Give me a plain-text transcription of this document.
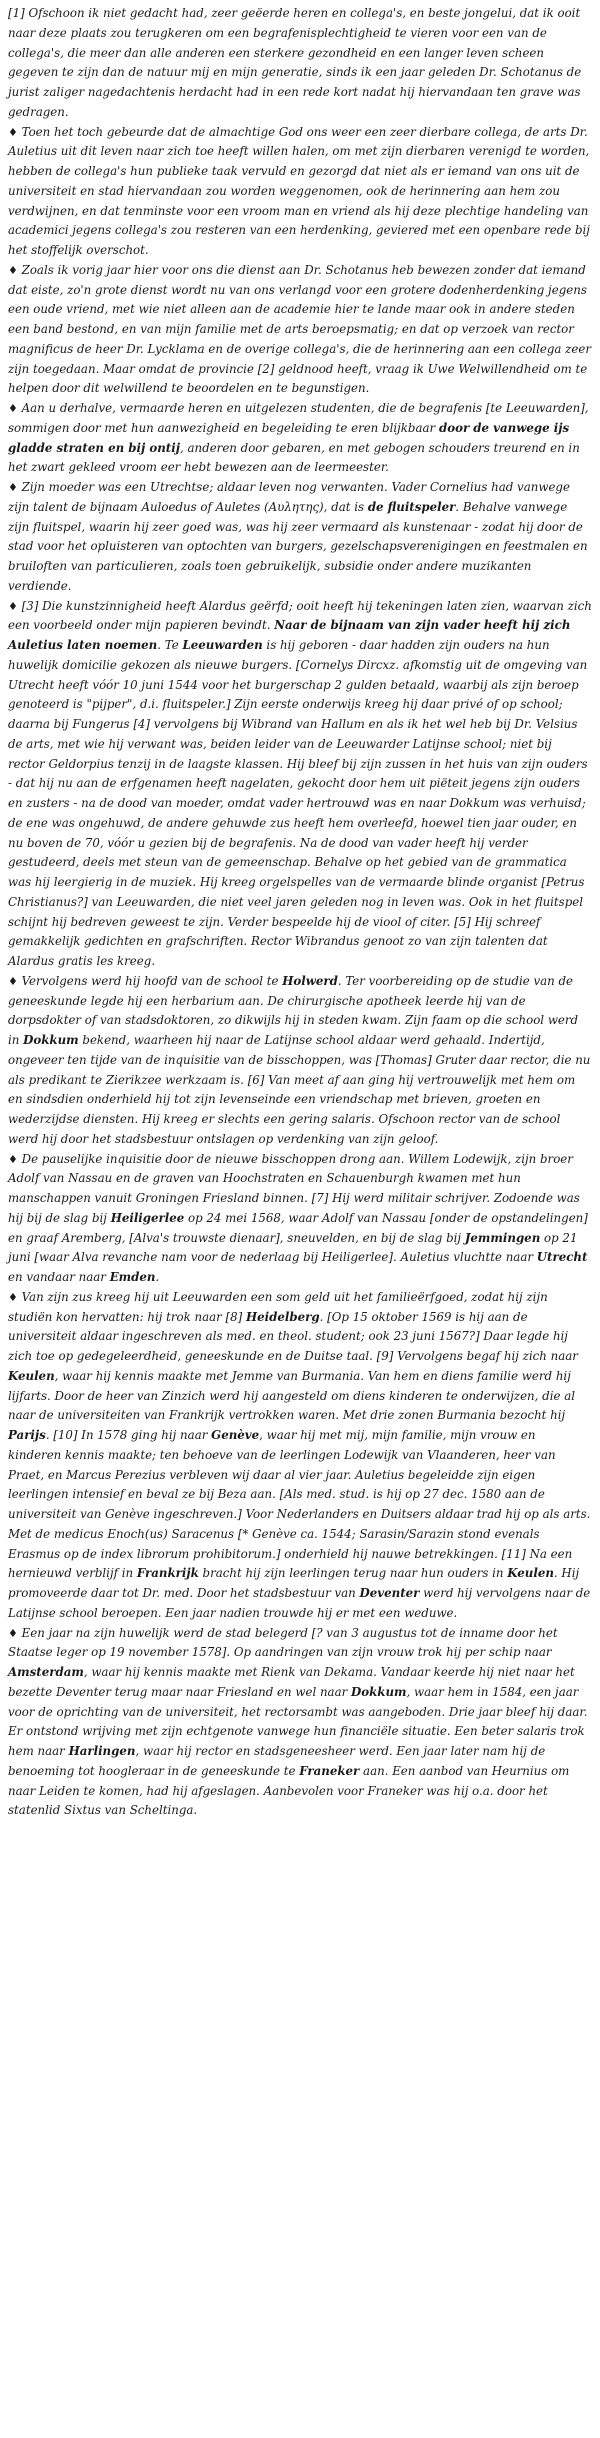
[1] Ofschoon ik niet gedacht had, zeer geëerde heren en collega's, en beste jongelui, dat ik ooit naar deze plaats zou terugkeren om een begrafenisplechtigheid te vieren voor een van de collega's, die meer dan alle anderen een sterkere gezondheid en een langer leven scheen gegeven te zijn dan de natuur mij en mijn generatie, sinds ik een jaar geleden Dr. Schotanus de jurist zaliger nagedachtenis herdacht had in een rede kort nadat hij hiervandaan ten grave was gedragen.

♦ Toen het toch gebeurde dat de almachtige God ons weer een zeer dierbare collega, de arts Dr. Auletius uit dit leven naar zich toe heeft willen halen, om met zijn dierbaren verenigd te worden, hebben de collega's hun publieke taak vervuld en gezorgd dat niet als er iemand van ons uit de universiteit en stad hiervandaan zou worden weggenomen, ook de herinnering aan hem zou verdwijnen, en dat tenminste voor een vroom man en vriend als hij deze plechtige handeling van academici jegens collega's zou resteren van een herdenking, geviered met een openbare rede bij het stoffelijk overschot.

♦ Zoals ik vorig jaar hier voor ons die dienst aan Dr. Schotanus heb bewezen zonder dat iemand dat eiste, zo'n grote dienst wordt nu van ons verlangd voor een grotere dodenherdenking jegens een oude vriend, met wie niet alleen aan de academie hier te lande maar ook in andere steden een band bestond, en van mijn familie met de arts beroepsmatig; en dat op verzoek van rector magnificus de heer Dr. Lycklama en de overige collega's, die de herinnering aan een collega zeer zijn toegedaan. Maar omdat de provincie [2] geldnood heeft, vraag ik Uwe Welwillendheid om te helpen door dit welwillend te beoordelen en te begunstigen.

♦ Aan u derhalve, vermaarde heren en uitgelezen studenten, die de begrafenis [te Leeuwarden], sommigen door met hun aanwezigheid en begeleiding te eren blijkbaar door de vanwege ijs gladde straten en bij ontij, anderen door gebaren, en met gebogen schouders treurend en in het zwart gekleed vroom eer hebt bewezen aan de leermeester.

♦ Zijn moeder was een Utrechtse; aldaar leven nog verwanten. Vader Cornelius had vanwege zijn talent de bijnaam Auloedus of Auletes (Αυλητης), dat is de fluitspeler. Behalve vanwege zijn fluitspel, waarin hij zeer goed was, was hij zeer vermaard als kunstenaar - zodat hij door de stad voor het opluisteren van optochten van burgers, gezelschapsverenigingen en feestmalen en bruiloften van particulieren, zoals toen gebruikelijk, subsidie onder andere muzikanten verdiende.

♦ [3] Die kunstzinnigheid heeft Alardus geërfd; ooit heeft hij tekeningen laten zien, waarvan zich een voorbeeld onder mijn papieren bevindt. Naar de bijnaam van zijn vader heeft hij zich Auletius laten noemen. Te Leeuwarden is hij geboren - daar hadden zijn ouders na hun huwelijk domicilie gekozen als nieuwe burgers. [Cornelys Dircxz. afkomstig uit de omgeving van Utrecht heeft vóór 10 juni 1544 voor het burgerschap 2 gulden betaald, waarbij als zijn beroep genoteerd is "pijper", d.i. fluitspeler.] Zijn eerste onderwijs kreeg hij daar privé of op school; daarna bij Fungerus [4] vervolgens bij Wibrand van Hallum en als ik het wel heb bij Dr. Velsius de arts, met wie hij verwant was, beiden leider van de Leeuwarder Latijnse school; niet bij rector Geldorpius tenzij in de laagste klassen. Hij bleef bij zijn zussen in het huis van zijn ouders - dat hij nu aan de erfgenamen heeft nagelaten, gekocht door hem uit piëteit jegens zijn ouders en zusters - na de dood van moeder, omdat vader hertrouwd was en naar Dokkum was verhuisd; de ene was ongehuwd, de andere gehuwde zus heeft hem overleefd, hoewel tien jaar ouder, en nu boven de 70, vóór u gezien bij de begrafenis. Na de dood van vader heeft hij verder gestudeerd, deels met steun van de gemeenschap. Behalve op het gebied van de grammatica was hij leergierig in de muziek. Hij kreeg orgelspelles van de vermaarde blinde organist [Petrus Christianus?] van Leeuwarden, die niet veel jaren geleden nog in leven was. Ook in het fluitspel schijnt hij bedreven geweest te zijn. Verder bespeelde hij de viool of citer. [5] Hij schreef gemakkelijk gedichten en grafschriften. Rector Wibrandus genoot zo van zijn talenten dat Alardus gratis les kreeg.

♦ Vervolgens werd hij hoofd van de school te Holwerd. Ter voorbereiding op de studie van de geneeskunde legde hij een herbarium aan. De chirurgische apotheek leerde hij van de dorpsdokter of van stadsdoktoren, zo dikwijls hij in steden kwam. Zijn faam op die school werd in Dokkum bekend, waarheen hij naar de Latijnse school aldaar werd gehaald. Indertijd, ongeveer ten tijde van de inquisitie van de bisschoppen, was [Thomas] Gruter daar rector, die nu als predikant te Zierikzee werkzaam is. [6] Van meet af aan ging hij vertrouwelijk met hem om en sindsdien onderhield hij tot zijn levenseinde een vriendschap met brieven, groeten en wederzijdse diensten. Hij kreeg er slechts een gering salaris. Ofschoon rector van de school werd hij door het stadsbestuur ontslagen op verdenking van zijn geloof.

♦ De pauselijke inquisitie door de nieuwe bisschoppen drong aan. Willem Lodewijk, zijn broer Adolf van Nassau en de graven van Hoochstraten en Schauenburgh kwamen met hun manschappen vanuit Groningen Friesland binnen. [7] Hij werd militair schrijver. Zodoende was hij bij de slag bij Heiligerlee op 24 mei 1568, waar Adolf van Nassau [onder de opstandelingen] en graaf Aremberg, [Alva's trouwste dienaar], sneuvelden, en bij de slag bij Jemmingen op 21 juni [waar Alva revanche nam voor de nederlaag bij Heiligerlee]. Auletius vluchtte naar Utrecht en vandaar naar Emden.

♦ Van zijn zus kreeg hij uit Leeuwarden een som geld uit het familieërfgoed, zodat hij zijn studiën kon hervatten: hij trok naar [8] Heidelberg. [Op 15 oktober 1569 is hij aan de universiteit aldaar ingeschreven als med. en theol. student; ook 23 juni 1567?] Daar legde hij zich toe op gedegeleerdheid, geneeskunde en de Duitse taal. [9] Vervolgens begaf hij zich naar Keulen, waar hij kennis maakte met Jemme van Burmania. Van hem en diens familie werd hij lijfarts. Door de heer van Zinzich werd hij aangesteld om diens kinderen te onderwijzen, die al naar de universiteiten van Frankrijk vertrokken waren. Met drie zonen Burmania bezocht hij Parijs. [10] In 1578 ging hij naar Genève, waar hij met mij, mijn familie, mijn vrouw en kinderen kennis maakte; ten behoeve van de leerlingen Lodewijk van Vlaanderen, heer van Praet, en Marcus Perezius verbleven wij daar al vier jaar. Auletius begeleidde zijn eigen leerlingen intensief en beval ze bij Beza aan. [Als med. stud. is hij op 27 dec. 1580 aan de universiteit van Genève ingeschreven.] Voor Nederlanders en Duitsers aldaar trad hij op als arts. Met de medicus Enoch(us) Saracenus [* Genève ca. 1544; Sarasin/Sarazin stond evenals Erasmus op de index librorum prohibitorum.] onderhield hij nauwe betrekkingen. [11] Na een hernieuwd verblijf in Frankrijk bracht hij zijn leerlingen terug naar hun ouders in Keulen. Hij promoveerde daar tot Dr. med. Door het stadsbestuur van Deventer werd hij vervolgens naar de Latijnse school beroepen. Een jaar nadien trouwde hij er met een weduwe.

♦ Een jaar na zijn huwelijk werd de stad belegerd [? van 3 augustus tot de inname door het Staatse leger op 19 november 1578]. Op aandringen van zijn vrouw trok hij per schip naar Amsterdam, waar hij kennis maakte met Rienk van Dekama. Vandaar keerde hij niet naar het bezette Deventer terug maar naar Friesland en wel naar Dokkum, waar hem in 1584, een jaar voor de oprichting van de universiteit, het rectorsambt was aangeboden. Drie jaar bleef hij daar. Er ontstond wrijving met zijn echtgenote vanwege hun financiële situatie. Een beter salaris trok hem naar Harlingen, waar hij rector en stadsgeneesheer werd. Een jaar later nam hij de benoeming tot hoogleraar in de geneeskunde te Franeker aan. Een aanbod van Heurnius om naar Leiden te komen, had hij afgeslagen. Aanbevolen voor Franeker was hij o.a. door het statenlid Sixtus van Scheltinga.
